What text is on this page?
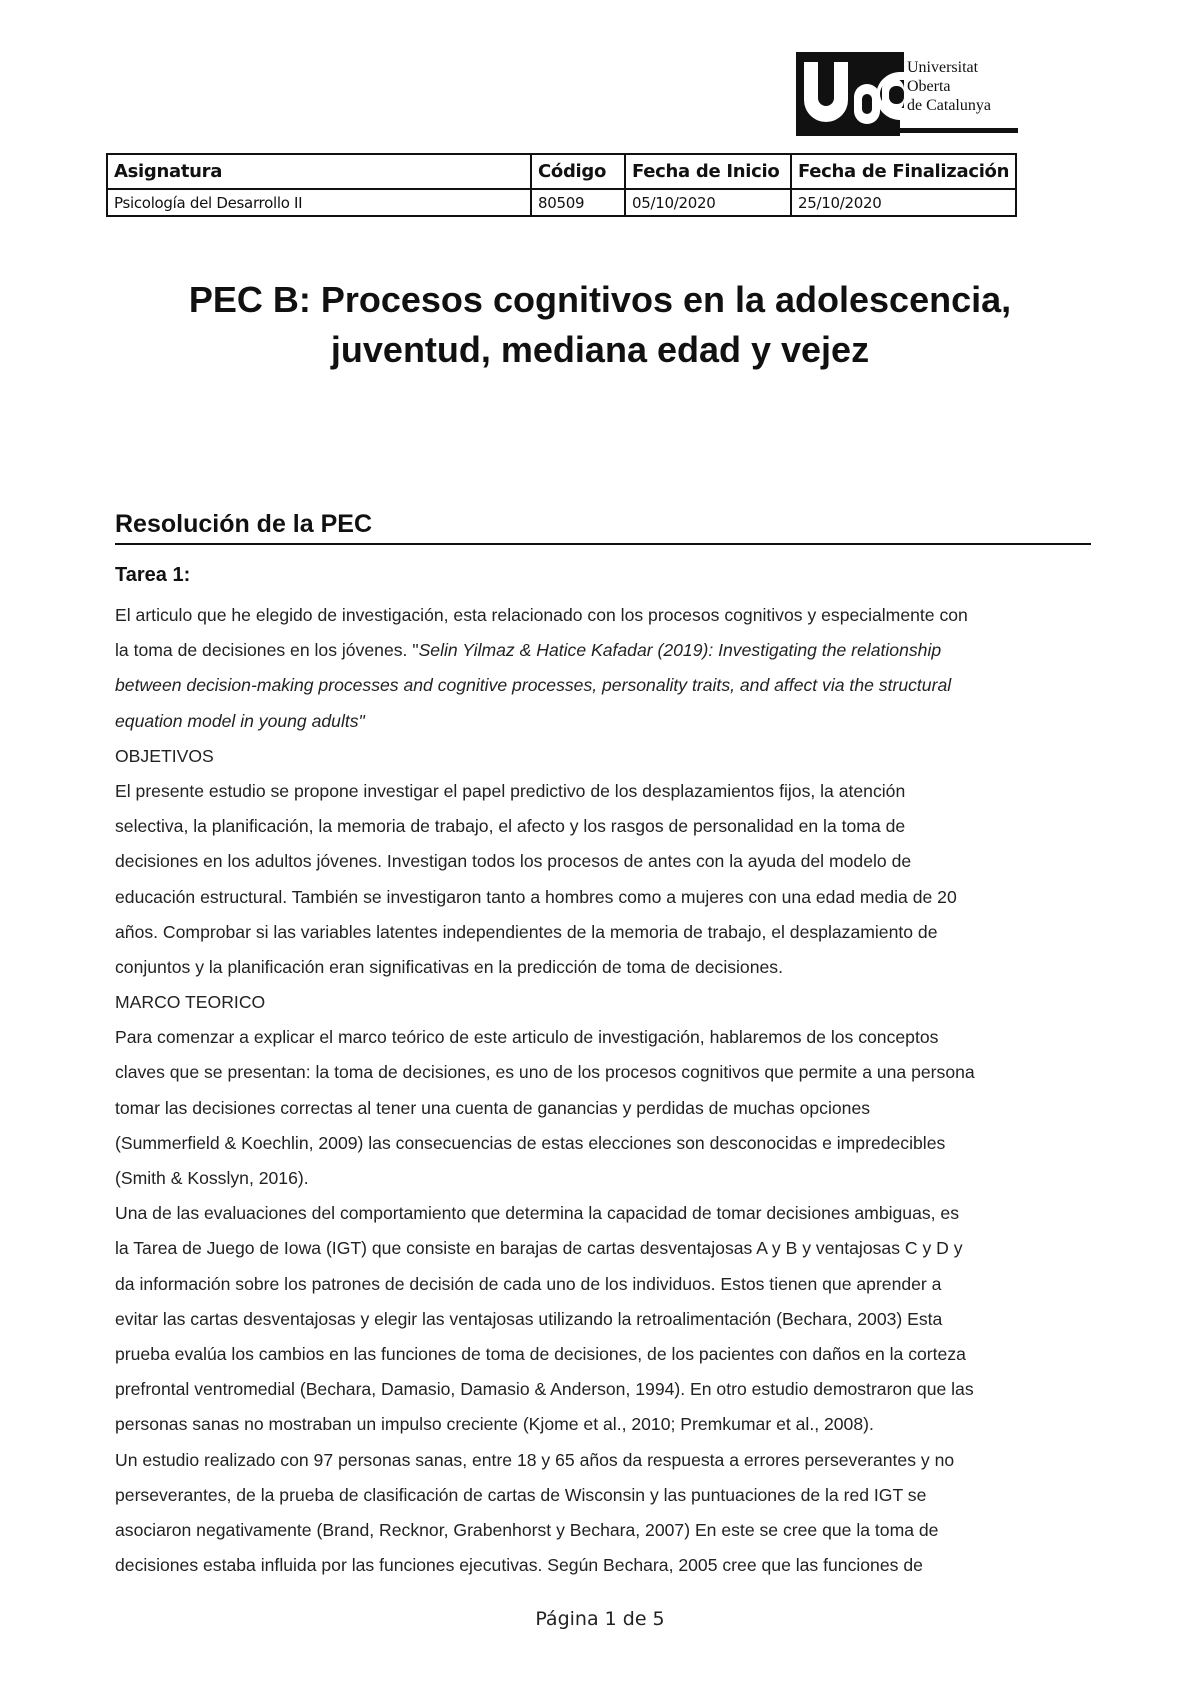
Universitat
Oberta
de Catalunya
Asignatura	Código	Fecha de Inicio	Fecha de Finalización
Psicología del Desarrollo II	80509	05/10/2020	25/10/2020
PEC B: Procesos cognitivos en la adolescencia,
juventud, mediana edad y vejez
Resolución de la PEC
Tarea 1:
El articulo que he elegido de investigación, esta relacionado con los procesos cognitivos y especialmente con
la toma de decisiones en los jóvenes. "Selin Yilmaz & Hatice Kafadar (2019): Investigating the relationship
between decision-making processes and cognitive processes, personality traits, and affect via the structural
equation model in young adults"
OBJETIVOS
El presente estudio se propone investigar el papel predictivo de los desplazamientos fijos, la atención
selectiva, la planificación, la memoria de trabajo, el afecto y los rasgos de personalidad en la toma de
decisiones en los adultos jóvenes. Investigan todos los procesos de antes con la ayuda del modelo de
educación estructural. También se investigaron tanto a hombres como a mujeres con una edad media de 20
años. Comprobar si las variables latentes independientes de la memoria de trabajo, el desplazamiento de
conjuntos y la planificación eran significativas en la predicción de toma de decisiones.
MARCO TEORICO
Para comenzar a explicar el marco teórico de este articulo de investigación, hablaremos de los conceptos
claves que se presentan: la toma de decisiones, es uno de los procesos cognitivos que permite a una persona
tomar las decisiones correctas al tener una cuenta de ganancias y perdidas de muchas opciones
(Summerfield & Koechlin, 2009) las consecuencias de estas elecciones son desconocidas e impredecibles
(Smith & Kosslyn, 2016).
Una de las evaluaciones del comportamiento que determina la capacidad de tomar decisiones ambiguas, es
la Tarea de Juego de Iowa (IGT) que consiste en barajas de cartas desventajosas A y B y ventajosas C y D y
da información sobre los patrones de decisión de cada uno de los individuos. Estos tienen que aprender a
evitar las cartas desventajosas y elegir las ventajosas utilizando la retroalimentación (Bechara, 2003) Esta
prueba evalúa los cambios en las funciones de toma de decisiones, de los pacientes con daños en la corteza
prefrontal ventromedial (Bechara, Damasio, Damasio & Anderson, 1994). En otro estudio demostraron que las
personas sanas no mostraban un impulso creciente (Kjome et al., 2010; Premkumar et al., 2008).
Un estudio realizado con 97 personas sanas, entre 18 y 65 años da respuesta a errores perseverantes y no
perseverantes, de la prueba de clasificación de cartas de Wisconsin y las puntuaciones de la red IGT se
asociaron negativamente (Brand, Recknor, Grabenhorst y Bechara, 2007) En este se cree que la toma de
decisiones estaba influida por las funciones ejecutivas. Según Bechara, 2005 cree que las funciones de
Página 1 de 5
